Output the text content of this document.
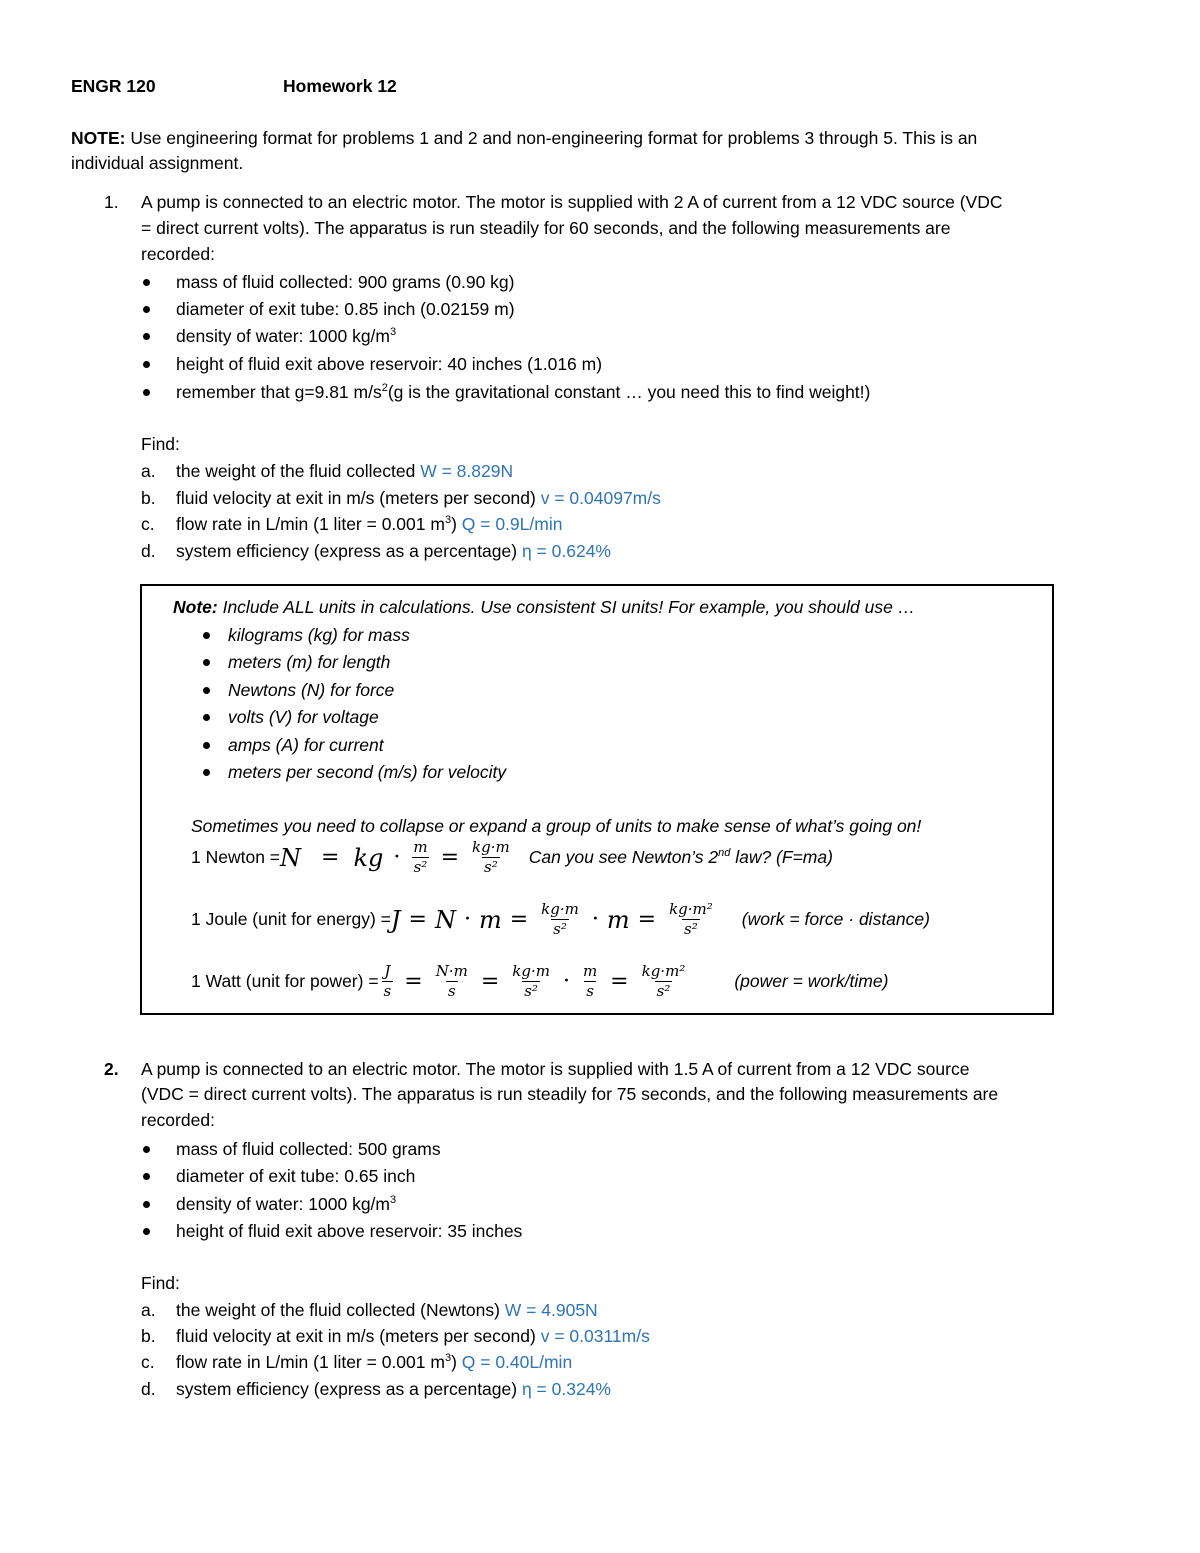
ENGR 120	Homework 12
NOTE: Use engineering format for problems 1 and 2 and non-engineering format for problems 3 through 5. This is an
individual assignment.
1. A pump is connected to an electric motor. The motor is supplied with 2 A of current from a 12 VDC source (VDC
= direct current volts). The apparatus is run steadily for 60 seconds, and the following measurements are
recorded:
mass of fluid collected: 900 grams (0.90 kg)
diameter of exit tube: 0.85 inch (0.02159 m)
density of water: 1000 $kg/m^3$
height of fluid exit above reservoir: 40 inches (1.016 m)
remember that g=9.81 $m/s^2(g$ is the gravitational constant … you need this to find weight!)
Find:
a. the weight of the fluid collected W = 8.829N
b. fluid velocity at exit in m/s (meters per second) v = 0.04097m/s
c. flow rate in L/min (1 liter = 0.001 $m^3$) Q = 0.9L/min
d. system efficiency (express as a percentage) η = 0.624%
Note: Include ALL units in calculations. Use consistent SI units! For example, you should use …
kilograms (kg) for mass
meters (m) for length
Newtons (N) for force
volts (V) for voltage
amps (A) for current
meters per second (m/s) for velocity
Sometimes you need to collapse or expand a group of units to make sense of what’s going on!
1 Newton = N = kg · $\frac{m}{\text{s²}} = \frac{kg\cdot m}{\text{s²}}$ Can you see Newton’s 2nd law? (F=ma)
1 Joule (unit for energy) = $J = N \cdot m = \frac{kg\cdot m}{\text{s²}} \cdot m = \frac{\text{kg·m²}}{\text{s²}}$ (work = force · distance)
1 Watt (unit for power) = $\frac{J}{s} = \frac{N\cdot m}{s} = \frac{kg\cdot m}{\text{s²}} \cdot \frac{m}{s} = \frac{\text{kg·m²}}{\text{s²}}$	(power = work/time)
2. A pump is connected to an electric motor. The motor is supplied with 1.5 A of current from a 12 VDC source
(VDC = direct current volts). The apparatus is run steadily for 75 seconds, and the following measurements are
recorded:
mass of fluid collected: 500 grams
diameter of exit tube: 0.65 inch
density of water: 1000 $kg/m^3$
height of fluid exit above reservoir: 35 inches
Find:
a. the weight of the fluid collected (Newtons) W = 4.905N
b. fluid velocity at exit in m/s (meters per second) v = 0.0311m/s
c. flow rate in L/min (1 liter = 0.001 $m^3$) Q = 0.40L/min
d. system efficiency (express as a percentage) η = 0.324%
